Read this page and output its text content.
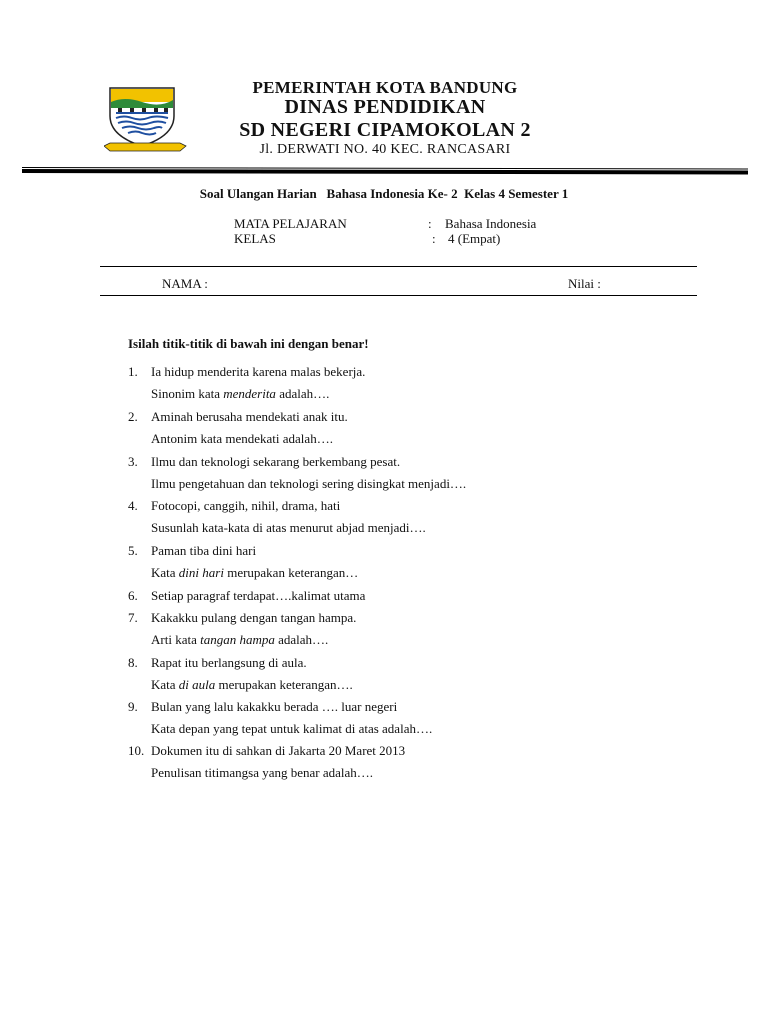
PEMERINTAH KOTA BANDUNG
DINAS PENDIDIKAN
SD NEGERI CIPAMOKOLAN 2
Jl. DERWATI NO. 40 KEC. RANCASARI
Soal Ulangan Harian   Bahasa Indonesia Ke- 2  Kelas 4 Semester 1
MATA PELAJARAN	: Bahasa Indonesia
KELAS	: 4 (Empat)
NAMA :	Nilai :
Isilah titik-titik di bawah ini dengan benar!
1. Ia hidup menderita karena malas bekerja.
Sinonim kata menderita adalah….
2. Aminah berusaha mendekati anak itu.
Antonim kata mendekati adalah….
3. Ilmu dan teknologi sekarang berkembang pesat.
Ilmu pengetahuan dan teknologi sering disingkat menjadi….
4. Fotocopi, canggih, nihil, drama, hati
Susunlah kata-kata di atas menurut abjad menjadi….
5. Paman tiba dini hari
Kata dini hari merupakan keterangan…
6. Setiap paragraf terdapat….kalimat utama
7. Kakakku pulang dengan tangan hampa.
Arti kata tangan hampa adalah….
8. Rapat itu berlangsung di aula.
Kata di aula merupakan keterangan….
9. Bulan yang lalu kakakku berada …. luar negeri
Kata depan yang tepat untuk kalimat di atas adalah….
10. Dokumen itu di sahkan di Jakarta 20 Maret 2013
Penulisan titimangsa yang benar adalah….
